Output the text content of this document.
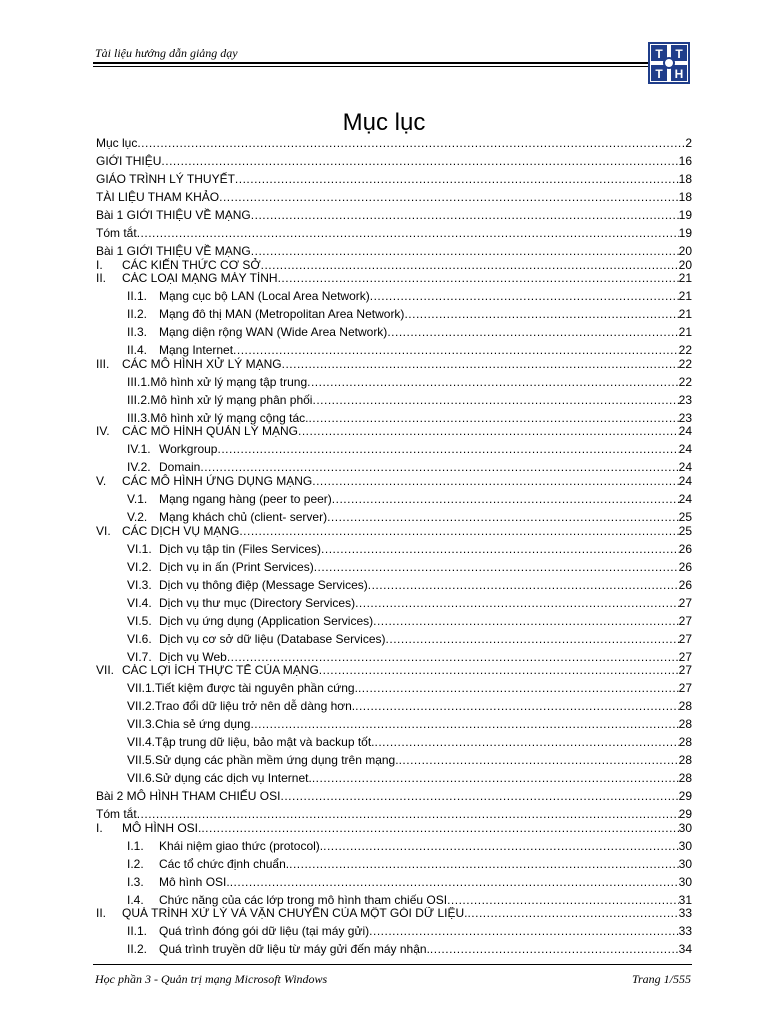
Tài liệu hướng dẫn giảng dạy	T T
T H
Mục lục
Mục lục .....	2
GIỚI THIỆU .....	16
GIÁO TRÌNH LÝ THUYẾT .....	18
TÀI LIỆU THAM KHẢO .....	18
Bài 1 GIỚI THIỆU VỀ MẠNG .....	19
Tóm tắt .....	19
Bài 1 GIỚI THIỆU VỀ MẠNG .....	20
I. CÁC KIẾN THỨC CƠ SỞ .....	20
II. CÁC LOẠI MẠNG MÁY TÍNH .....	21
II.1. Mạng cục bộ LAN (Local Area Network) .....	21
II.2. Mạng đô thị MAN (Metropolitan Area Network) .....	21
II.3. Mạng diện rộng WAN (Wide Area Network) .....	21
II.4. Mạng Internet .....	22
III. CÁC MÔ HÌNH XỬ LÝ MẠNG .....	22
III.1.Mô hình xử lý mạng tập trung .....	22
III.2.Mô hình xử lý mạng phân phối .....	23
III.3.Mô hình xử lý mạng cộng tác. .....	23
IV. CÁC MÔ HÌNH QUẢN LÝ MẠNG .....	24
IV.1. Workgroup .....	24
IV.2. Domain .....	24
V. CÁC MÔ HÌNH ỨNG DỤNG MẠNG .....	24
V.1. Mạng ngang hàng (peer to peer) .....	24
V.2. Mạng khách chủ (client- server) .....	25
VI. CÁC DỊCH VỤ MẠNG .....	25
VI.1. Dịch vụ tập tin (Files Services) .....	26
VI.2. Dịch vụ in ấn (Print Services) .....	26
VI.3. Dịch vụ thông điệp (Message Services) .....	26
VI.4. Dịch vụ thư mục (Directory Services) .....	27
VI.5. Dịch vụ ứng dụng (Application Services) .....	27
VI.6. Dịch vụ cơ sở dữ liệu (Database Services) .....	27
VI.7. Dịch vụ Web .....	27
VII. CÁC LỢI ÍCH THỰC TẾ CỦA MẠNG .....	27
VII.1.Tiết kiệm được tài nguyên phần cứng. .....	27
VII.2.Trao đổi dữ liệu trở nên dễ dàng hơn. .....	28
VII.3.Chia sẻ ứng dụng .....	28
VII.4.Tập trung dữ liệu, bảo mật và backup tốt. .....	28
VII.5.Sử dụng các phần mềm ứng dụng trên mạng. .....	28
VII.6.Sử dụng các dịch vụ Internet. .....	28
Bài 2 MÔ HÌNH THAM CHIẾU OSI .....	29
Tóm tắt .....	29
I. MÔ HÌNH OSI. .....	30
I.1. Khái niệm giao thức (protocol). .....	30
I.2. Các tổ chức định chuẩn. .....	30
I.3. Mô hình OSI. .....	30
I.4. Chức năng của các lớp trong mô hình tham chiếu OSI .....	31
II. QUÁ TRÌNH XỬ LÝ VÀ VẬN CHUYỂN CỦA MỘT GÓI DỮ LIỆU. .....	33
II.1. Quá trình đóng gói dữ liệu (tại máy gửi) .....	33
II.2. Quá trình truyền dữ liệu từ máy gửi đến máy nhận. .....	34
Học phần 3 - Quản trị mạng Microsoft Windows	Trang 1/555
